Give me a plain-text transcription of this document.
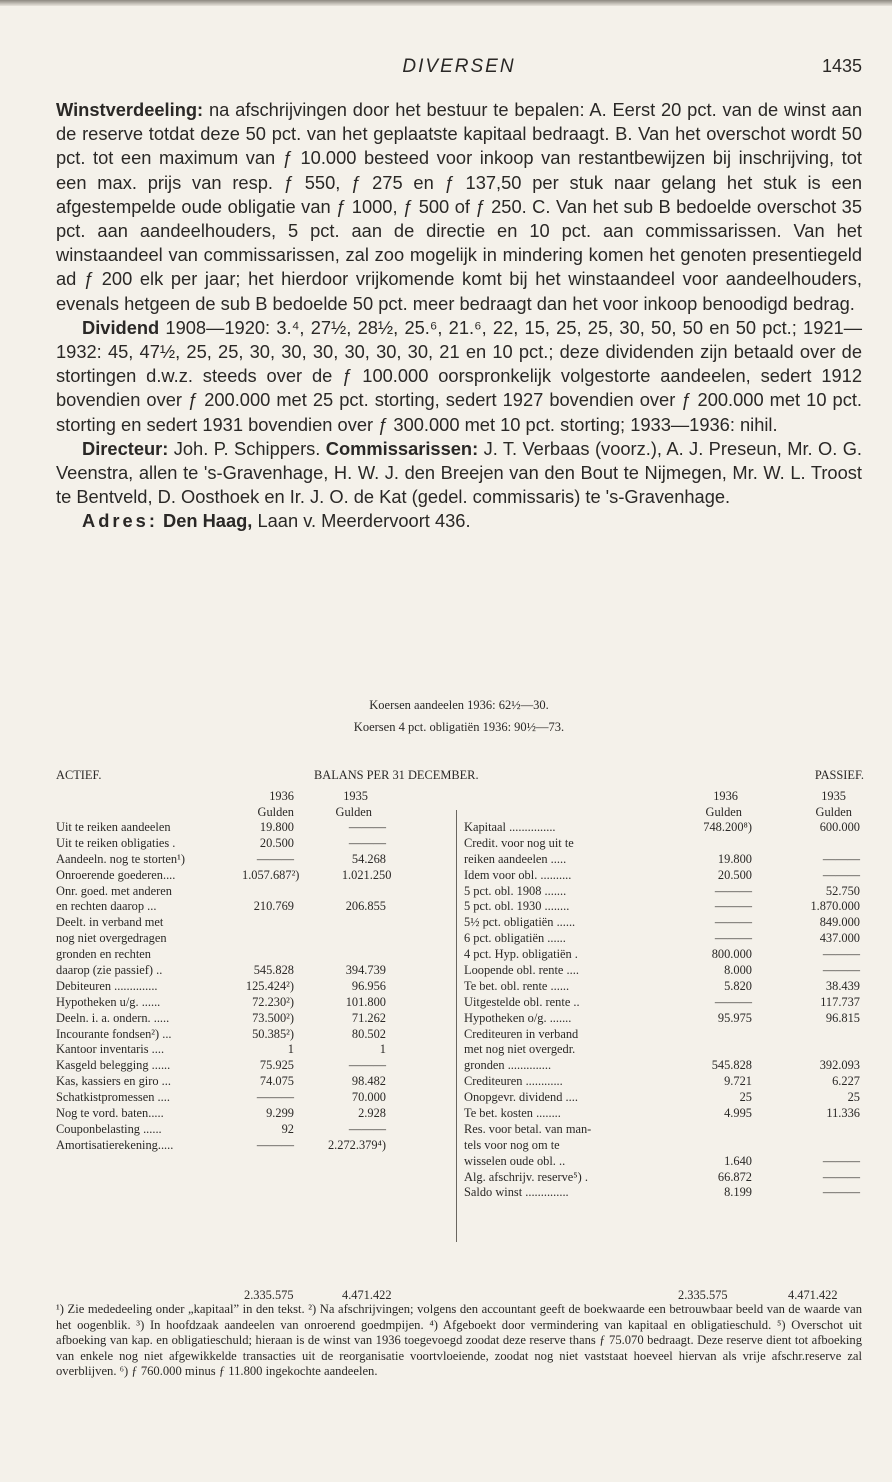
DIVERSEN	1435

Winstverdeeling: na afschrijvingen door het bestuur te bepalen: A. Eerst 20 pct. van de winst aan de reserve totdat deze 50 pct. van het geplaatste kapitaal bedraagt. B. Van het overschot wordt 50 pct. tot een maximum van ƒ 10.000 besteed voor inkoop van restantbewijzen bij inschrijving, tot een max. prijs van resp. ƒ 550, ƒ 275 en ƒ 137,50 per stuk naar gelang het stuk is een afgestempelde oude obligatie van ƒ 1000, ƒ 500 of ƒ 250. C. Van het sub B bedoelde overschot 35 pct. aan aandeelhouders, 5 pct. aan de directie en 10 pct. aan commissarissen. Van het winstaandeel van commissarissen, zal zoo mogelijk in mindering komen het genoten presentiegeld ad ƒ 200 elk per jaar; het hierdoor vrijkomende komt bij het winstaandeel voor aandeelhouders, evenals hetgeen de sub B bedoelde 50 pct. meer bedraagt dan het voor inkoop benoodigd bedrag.

Dividend 1908—1920: 3.⁴, 27½, 28½, 25.⁶, 21.⁶, 22, 15, 25, 25, 30, 50, 50 en 50 pct.; 1921—1932: 45, 47½, 25, 25, 30, 30, 30, 30, 30, 30, 21 en 10 pct.; deze dividenden zijn betaald over de stortingen d.w.z. steeds over de ƒ 100.000 oorspronkelijk volgestorte aandeelen, sedert 1912 bovendien over ƒ 200.000 met 25 pct. storting, sedert 1927 bovendien over ƒ 200.000 met 10 pct. storting en sedert 1931 bovendien over ƒ 300.000 met 10 pct. storting; 1933—1936: nihil.

Directeur: Joh. P. Schippers. Commissarissen: J. T. Verbaas (voorz.), A. J. Preseun, Mr. O. G. Veenstra, allen te 's-Gravenhage, H. W. J. den Breejen van den Bout te Nijmegen, Mr. W. L. Troost te Bentveld, D. Oosthoek en Ir. J. O. de Kat (gedel. commissaris) te 's-Gravenhage.

Adres: Den Haag, Laan v. Meerdervoort 436.

Koersen aandeelen 1936: 62½—30.
Koersen 4 pct. obligatiën 1936: 90½—73.
ACTIEF.	BALANS PER 31 DECEMBER.	PASSIEF.
1936	1935
Gulden	Gulden
Uit te reiken aandeelen	19.800	———
Uit te reiken obligaties .	20.500	———
Aandeeln. nog te storten¹)	———	54.268
Onroerende goederen....	1.057.687²)	1.021.250
Onr. goed. met anderen
en rechten daarop ...	210.769	206.855
Deelt. in verband met
nog niet overgedragen
gronden en rechten
daarop (zie passief) ..	545.828	394.739
Debiteuren ..............	125.424²)	96.956
Hypotheken u/g. ......	72.230²)	101.800
Deeln. i. a. ondern. .....	73.500²)	71.262
Incourante fondsen²) ...	50.385²)	80.502
Kantoor inventaris ....	1	1
Kasgeld belegging ......	75.925	———
Kas, kassiers en giro ...	74.075	98.482
Schatkistpromessen ....	———	70.000
Nog te vord. baten.....	9.299	2.928
Couponbelasting ......	92	———
Amortisatierekening.....	———	2.272.379⁴)
1936	1935
Gulden	Gulden
Kapitaal ...............	748.200⁸)	600.000
Credit. voor nog uit te
reiken aandeelen .....	19.800	———
Idem voor obl. ..........	20.500	———
5 pct. obl. 1908 .......	———	52.750
5 pct. obl. 1930 ........	———	1.870.000
5½ pct. obligatiën ......	———	849.000
6 pct. obligatiën ......	———	437.000
4 pct. Hyp. obligatiën .	800.000	———
Loopende obl. rente ....	8.000	———
Te bet. obl. rente ......	5.820	38.439
Uitgestelde obl. rente ..	———	117.737
Hypotheken o/g. .......	95.975	96.815
Crediteuren in verband
met nog niet overgedr.
gronden ..............	545.828	392.093
Crediteuren ............	9.721	6.227
Onopgevr. dividend ....	25	25
Te bet. kosten ........	4.995	11.336
Res. voor betal. van man-
tels voor nog om te
wisselen oude obl. ..	1.640	———
Alg. afschrijv. reserve⁵) .	66.872	———
Saldo winst ..............	8.199	———
2.335.575	4.471.422	2.335.575	4.471.422

¹) Zie mededeeling onder „kapitaal” in den tekst. ²) Na afschrijvingen; volgens den accountant geeft de boekwaarde een betrouwbaar beeld van de waarde van het oogenblik. ³) In hoofdzaak aandeelen van onroerend goedmpijen. ⁴) Afgeboekt door vermindering van kapitaal en obligatieschuld. ⁵) Overschot uit afboeking van kap. en obligatieschuld; hieraan is de winst van 1936 toegevoegd zoodat deze reserve thans ƒ 75.070 bedraagt. Deze reserve dient tot afboeking van enkele nog niet afgewikkelde transacties uit de reorganisatie voortvloeiende, zoodat nog niet vaststaat hoeveel hiervan als vrije afschr.reserve zal overblijven. ⁶) ƒ 760.000 minus ƒ 11.800 ingekochte aandeelen.
